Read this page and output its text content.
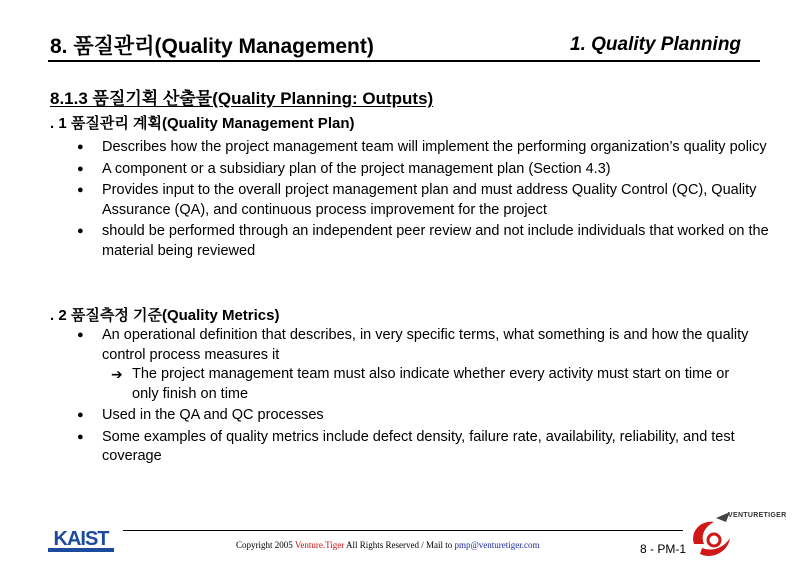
8. 품질관리(Quality Management)	1. Quality Planning
8.1.3 품질기획 산출물(Quality Planning: Outputs)
. 1 품질관리 계획(Quality Management Plan)
● Describes how the project management team will implement the performing organization’s quality policy
● A component or a subsidiary plan of the project management plan (Section 4.3)
● Provides input to the overall project management plan and must address Quality Control (QC), Quality Assurance (QA), and continuous process improvement for the project
● should be performed through an independent peer review and not include individuals that worked on the material being reviewed
. 2 품질측정 기준(Quality Metrics)
● An operational definition that describes, in very specific terms, what something is and how the quality control process measures it
➔ The project management team must also indicate whether every activity must start on time or only finish on time
● Used in the QA and QC processes
● Some examples of quality metrics include defect density, failure rate, availability, reliability, and test coverage
KAIST	Copyright 2005 Venture.Tiger All Rights Reserved / Mail to pmp@venturetiger.com	8 - PM-1
VENTURETIGER
